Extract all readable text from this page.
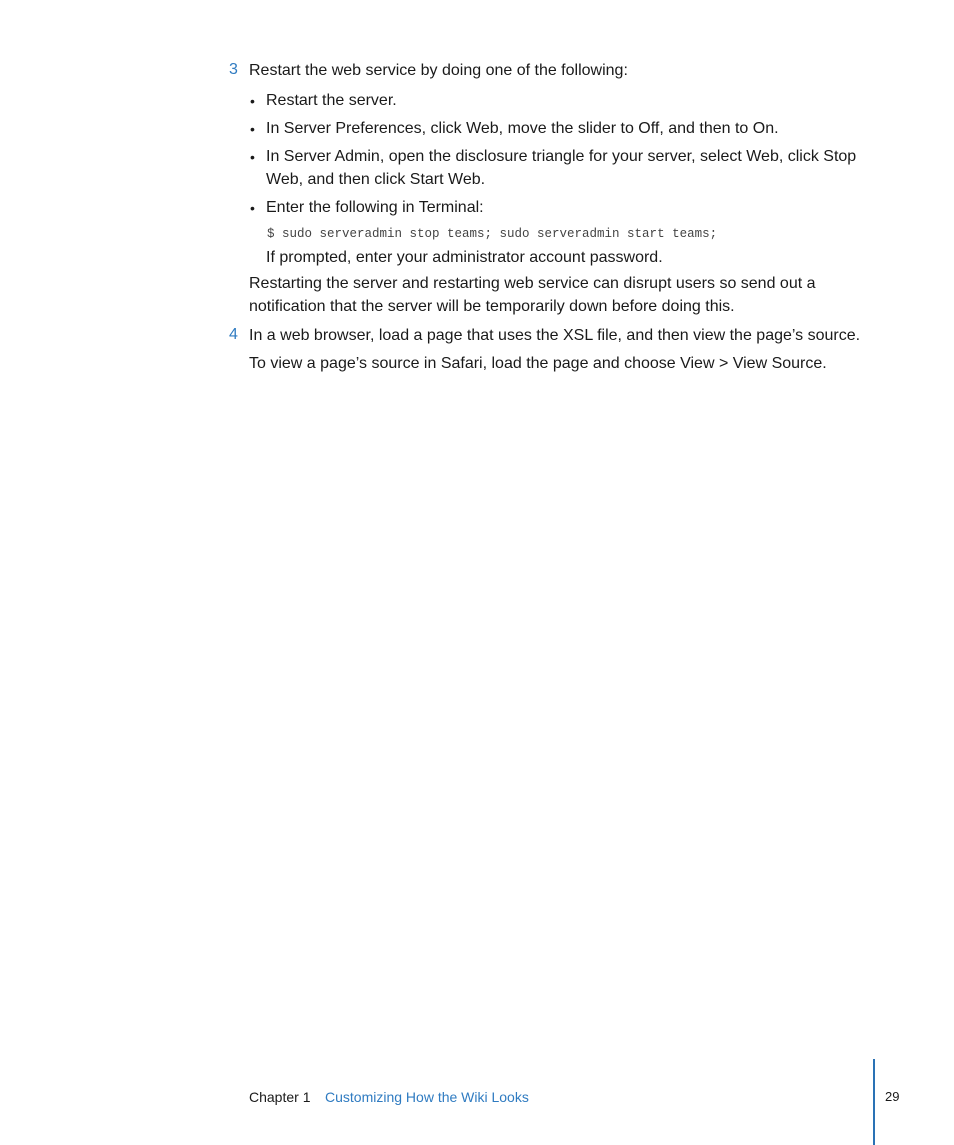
3 Restart the web service by doing one of the following:
• Restart the server.
• In Server Preferences, click Web, move the slider to Off, and then to On.
• In Server Admin, open the disclosure triangle for your server, select Web, click Stop
Web, and then click Start Web.
• Enter the following in Terminal:
$ sudo serveradmin stop teams; sudo serveradmin start teams;
If prompted, enter your administrator account password.
Restarting the server and restarting web service can disrupt users so send out a
notification that the server will be temporarily down before doing this.
4 In a web browser, load a page that uses the XSL file, and then view the page’s source.
To view a page’s source in Safari, load the page and choose View > View Source.
Chapter 1 Customizing How the Wiki Looks	29
